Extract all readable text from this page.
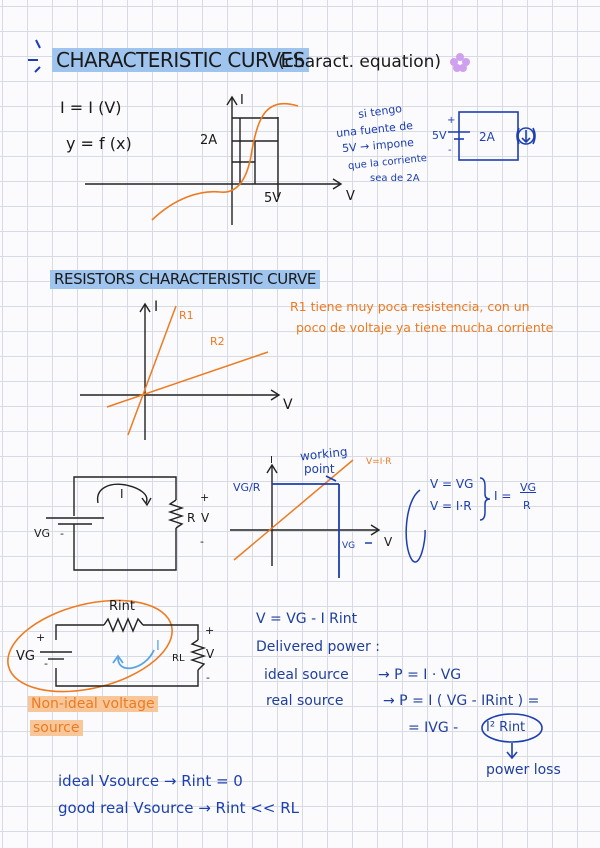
CHARACTERISTIC CURVES
(charact. equation)
RESISTORS CHARACTERISTIC CURVE
I = I (V)
y = f (x)
I
V
2A
5V
si tengo
una fuente de
5V → impone
que la corriente
sea de 2A
+
-
5V	2A
I
V
R1
R2
R1 tiene muy poca resistencia, con un
poco de voltaje ya tiene mucha corriente
I	+
-
R V
VG -
I
V
working
point	V=I·R
VG/R
VG
V = VG
V = I·R
I =
VG
R
Rint
+
-
VG
I
RL
+
V
-
Non-ideal voltage
source
V = VG - I Rint
Delivered power :
ideal source → P = I · VG
real source	→ P = I ( VG - IRint ) =
= IVG - I² Rint
power loss
ideal Vsource → Rint = 0
good real Vsource → Rint << RL
